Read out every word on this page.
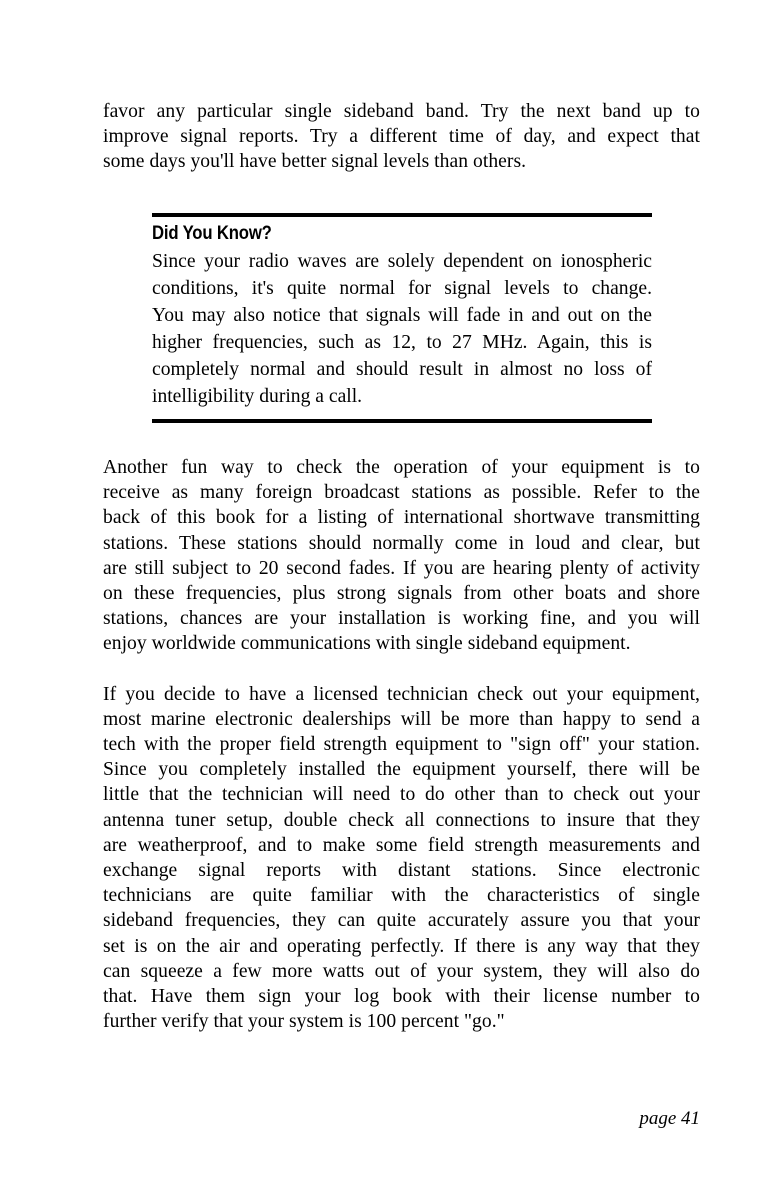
favor any particular single sideband band. Try the next band up to
improve signal reports. Try a different time of day, and expect that
some days you'll have better signal levels than others.

Did You Know?

Since your radio waves are solely dependent on ionospheric
conditions, it's quite normal for signal levels to change.
You may also notice that signals will fade in and out on the
higher frequencies, such as 12, to 27 MHz. Again, this is
completely normal and should result in almost no loss of
intelligibility during a call.

Another fun way to check the operation of your equipment is to
receive as many foreign broadcast stations as possible. Refer to the
back of this book for a listing of international shortwave transmitting
stations. These stations should normally come in loud and clear, but
are still subject to 20 second fades. If you are hearing plenty of activity
on these frequencies, plus strong signals from other boats and shore
stations, chances are your installation is working fine, and you will
enjoy worldwide communications with single sideband equipment.

If you decide to have a licensed technician check out your equipment,
most marine electronic dealerships will be more than happy to send a
tech with the proper field strength equipment to "sign off" your station.
Since you completely installed the equipment yourself, there will be
little that the technician will need to do other than to check out your
antenna tuner setup, double check all connections to insure that they
are weatherproof, and to make some field strength measurements and
exchange signal reports with distant stations. Since electronic
technicians are quite familiar with the characteristics of single
sideband frequencies, they can quite accurately assure you that your
set is on the air and operating perfectly. If there is any way that they
can squeeze a few more watts out of your system, they will also do
that. Have them sign your log book with their license number to
further verify that your system is 100 percent "go."

page 41
